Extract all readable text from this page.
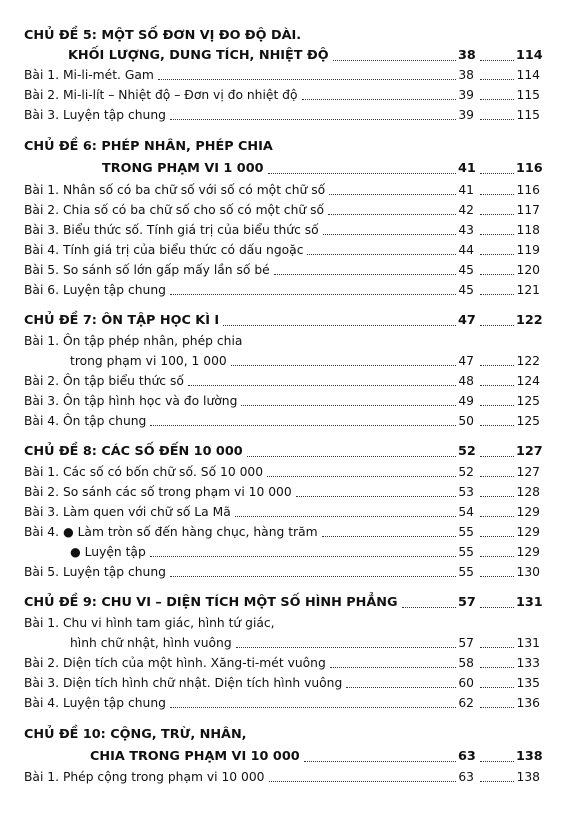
CHỦ ĐỀ 5: MỘT SỐ ĐƠN VỊ ĐO ĐỘ DÀI.
KHỐI LƯỢNG, DUNG TÍCH, NHIỆT ĐỘ	38	114
Bài 1. Mi-li-mét. Gam	38	114
Bài 2. Mi-li-lít – Nhiệt độ – Đơn vị đo nhiệt độ	39	115
Bài 3. Luyện tập chung	39	115
CHỦ ĐỀ 6: PHÉP NHÂN, PHÉP CHIA
TRONG PHẠM VI 1 000	41	116
Bài 1. Nhân số có ba chữ số với số có một chữ số	41	116
Bài 2. Chia số có ba chữ số cho số có một chữ số	42	117
Bài 3. Biểu thức số. Tính giá trị của biểu thức số	43	118
Bài 4. Tính giá trị của biểu thức có dấu ngoặc	44	119
Bài 5. So sánh số lớn gấp mấy lần số bé	45	120
Bài 6. Luyện tập chung	45	121
CHỦ ĐỀ 7: ÔN TẬP HỌC KÌ I	47	122
Bài 1. Ôn tập phép nhân, phép chia
trong phạm vi 100, 1 000	47	122
Bài 2. Ôn tập biểu thức số	48	124
Bài 3. Ôn tập hình học và đo lường	49	125
Bài 4. Ôn tập chung	50	125
CHỦ ĐỀ 8: CÁC SỐ ĐẾN 10 000	52	127
Bài 1. Các số có bốn chữ số. Số 10 000	52	127
Bài 2. So sánh các số trong phạm vi 10 000	53	128
Bài 3. Làm quen với chữ số La Mã	54	129
Bài 4. ● Làm tròn số đến hàng chục, hàng trăm	55	129
● Luyện tập	55	129
Bài 5. Luyện tập chung	55	130
CHỦ ĐỀ 9: CHU VI – DIỆN TÍCH MỘT SỐ HÌNH PHẲNG	57	131
Bài 1. Chu vi hình tam giác, hình tứ giác,
hình chữ nhật, hình vuông	57	131
Bài 2. Diện tích của một hình. Xăng-ti-mét vuông	58	133
Bài 3. Diện tích hình chữ nhật. Diện tích hình vuông	60	135
Bài 4. Luyện tập chung	62	136
CHỦ ĐỀ 10: CỘNG, TRỪ, NHÂN,
CHIA TRONG PHẠM VI 10 000	63	138
Bài 1. Phép cộng trong phạm vi 10 000	63	138
